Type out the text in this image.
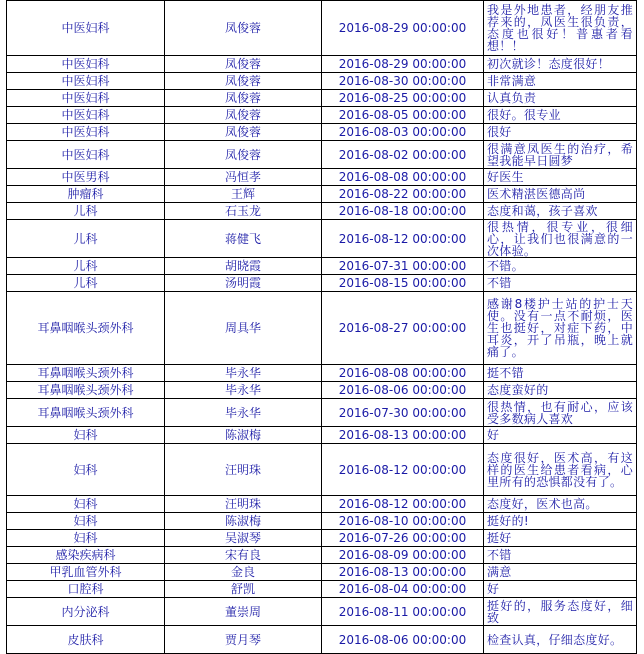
中医妇科	凤俊蓉	2016-08-29 00:00:00	我是外地患者，经朋友推荐来的，凤医生很负责，态度也很好！普惠者看想！！
中医妇科	凤俊蓉	2016-08-29 00:00:00	初次就诊！态度很好！
中医妇科	凤俊蓉	2016-08-30 00:00:00	非常满意
中医妇科	凤俊蓉	2016-08-25 00:00:00	认真负责
中医妇科	凤俊蓉	2016-08-05 00:00:00	很好。很专业
中医妇科	凤俊蓉	2016-08-03 00:00:00	很好
中医妇科	凤俊蓉	2016-08-02 00:00:00	很满意凤医生的治疗，希望我能早日圆梦
中医男科	冯恒孝	2016-08-08 00:00:00	好医生
肿瘤科	王辉	2016-08-22 00:00:00	医术精湛医德高尚
儿科	石玉龙	2016-08-18 00:00:00	态度和蔼，孩子喜欢
儿科	蒋健飞	2016-08-12 00:00:00	很热情，很专业，很细心，让我们也很满意的一次体验。
儿科	胡晓霞	2016-07-31 00:00:00	不错。
儿科	汤明霞	2016-08-15 00:00:00	不错
耳鼻咽喉头颈外科	周具华	2016-08-27 00:00:00	感谢8楼护士站的护士天使。没有一点不耐烦，医生也挺好，对症下药，中耳炎，开了吊瓶，晚上就痛了。
耳鼻咽喉头颈外科	毕永华	2016-08-08 00:00:00	挺不错
耳鼻咽喉头颈外科	毕永华	2016-08-06 00:00:00	态度蛮好的
耳鼻咽喉头颈外科	毕永华	2016-07-30 00:00:00	很热情，也有耐心，应该受多数病人喜欢
妇科	陈淑梅	2016-08-13 00:00:00	好
妇科	汪明珠	2016-08-12 00:00:00	态度很好，医术高，有这样的医生给患者看病，心里所有的恐惧都没有了。
妇科	汪明珠	2016-08-12 00:00:00	态度好，医术也高。
妇科	陈淑梅	2016-08-10 00:00:00	挺好的!
妇科	吴淑琴	2016-07-26 00:00:00	挺好
感染疾病科	宋有良	2016-08-09 00:00:00	不错
甲乳血管外科	金良	2016-08-13 00:00:00	满意
口腔科	舒凯	2016-08-04 00:00:00	好
内分泌科	董崇周	2016-08-11 00:00:00	挺好的，服务态度好，细致
皮肤科	贾月琴	2016-08-06 00:00:00	检查认真，仔细态度好。
